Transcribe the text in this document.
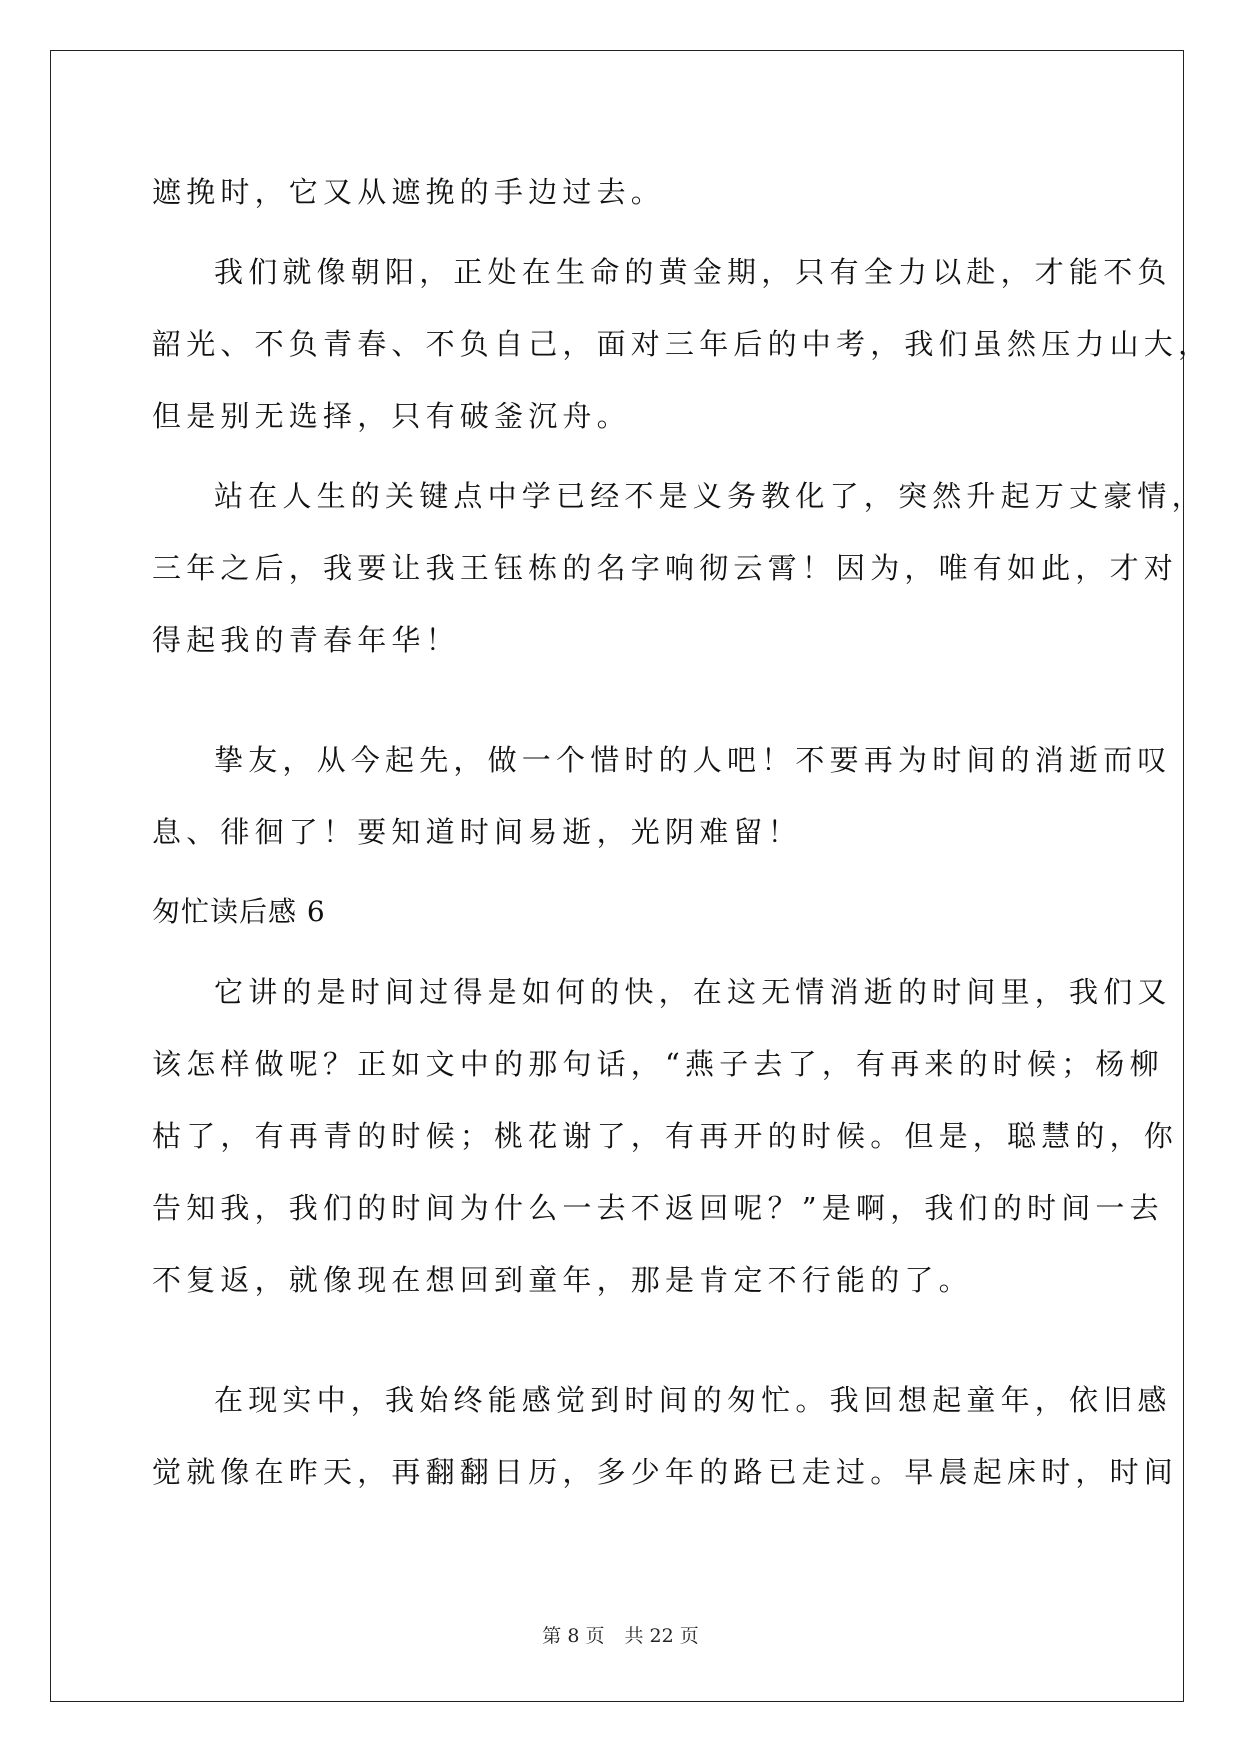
遮挽时，它又从遮挽的手边过去。
我们就像朝阳，正处在生命的黄金期，只有全力以赴，才能不负
韶光、不负青春、不负自己，面对三年后的中考，我们虽然压力山大，
但是别无选择，只有破釜沉舟。
站在人生的关键点中学已经不是义务教化了，突然升起万丈豪情，
三年之后，我要让我王钰栋的名字响彻云霄！因为，唯有如此，才对
得起我的青春年华！
挚友，从今起先，做一个惜时的人吧！不要再为时间的消逝而叹
息、徘徊了！要知道时间易逝，光阴难留！
匆忙读后感 6
它讲的是时间过得是如何的快，在这无情消逝的时间里，我们又
该怎样做呢？正如文中的那句话，“燕子去了，有再来的时候；杨柳
枯了，有再青的时候；桃花谢了，有再开的时候。但是，聪慧的，你
告知我，我们的时间为什么一去不返回呢？”是啊，我们的时间一去
不复返，就像现在想回到童年，那是肯定不行能的了。
在现实中，我始终能感觉到时间的匆忙。我回想起童年，依旧感
觉就像在昨天，再翻翻日历，多少年的路已走过。早晨起床时，时间
第 8 页 共 22 页
